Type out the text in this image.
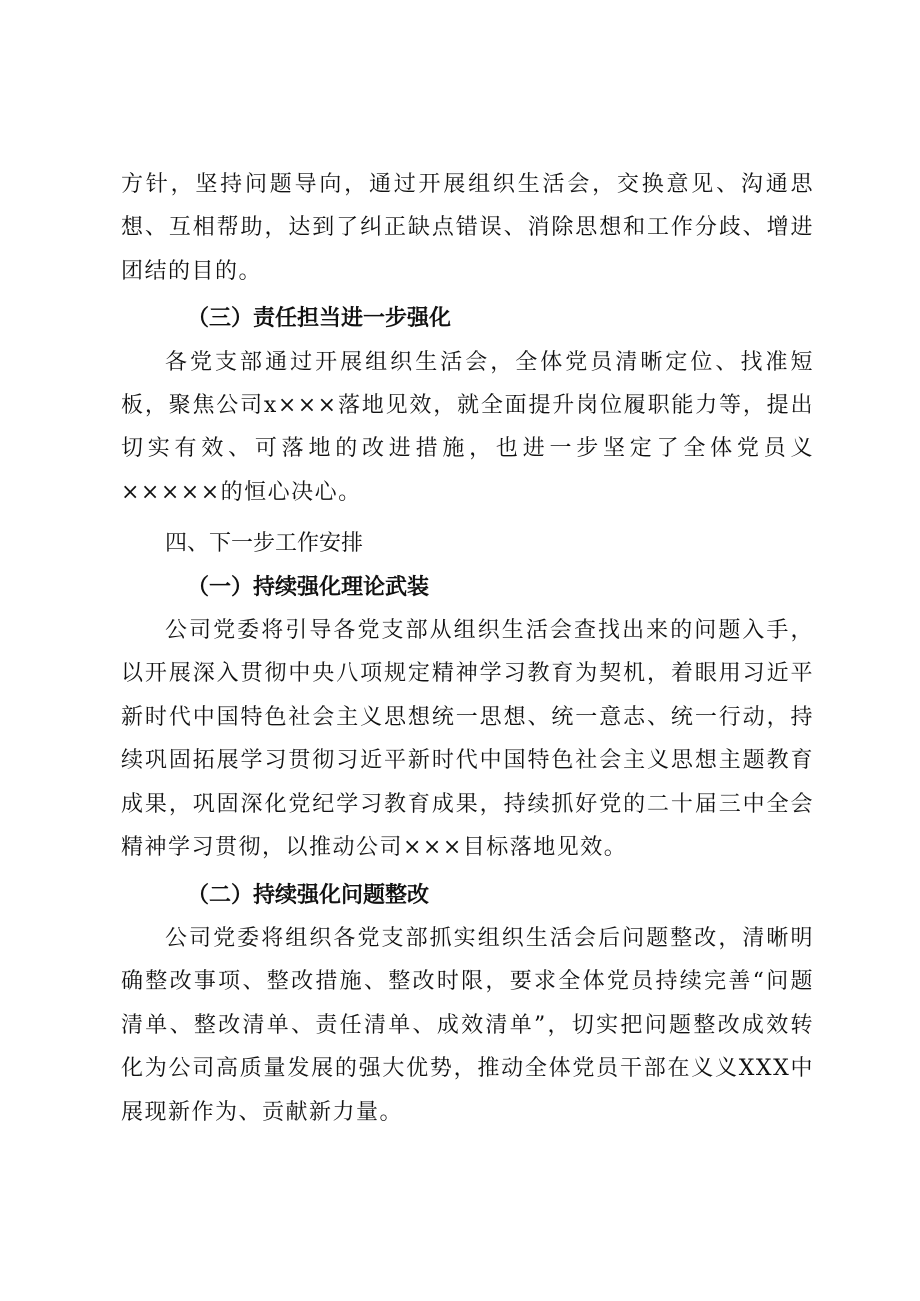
方针，坚持问题导向，通过开展组织生活会，交换意见、沟通思想、互相帮助，达到了纠正缺点错误、消除思想和工作分歧、增进团结的目的。

（三）责任担当进一步强化

各党支部通过开展组织生活会，全体党员清晰定位、找准短板，聚焦公司x×××落地见效，就全面提升岗位履职能力等，提出切实有效、可落地的改进措施，也进一步坚定了全体党员义×××××的恒心决心。

四、下一步工作安排
（一）持续强化理论武装

公司党委将引导各党支部从组织生活会查找出来的问题入手，以开展深入贯彻中央八项规定精神学习教育为契机，着眼用习近平新时代中国特色社会主义思想统一思想、统一意志、统一行动，持续巩固拓展学习贯彻习近平新时代中国特色社会主义思想主题教育成果，巩固深化党纪学习教育成果，持续抓好党的二十届三中全会精神学习贯彻，以推动公司×××目标落地见效。

（二）持续强化问题整改

公司党委将组织各党支部抓实组织生活会后问题整改，清晰明确整改事项、整改措施、整改时限，要求全体党员持续完善“问题清单、整改清单、责任清单、成效清单”，切实把问题整改成效转化为公司高质量发展的强大优势，推动全体党员干部在义义XXX中展现新作为、贡献新力量。
